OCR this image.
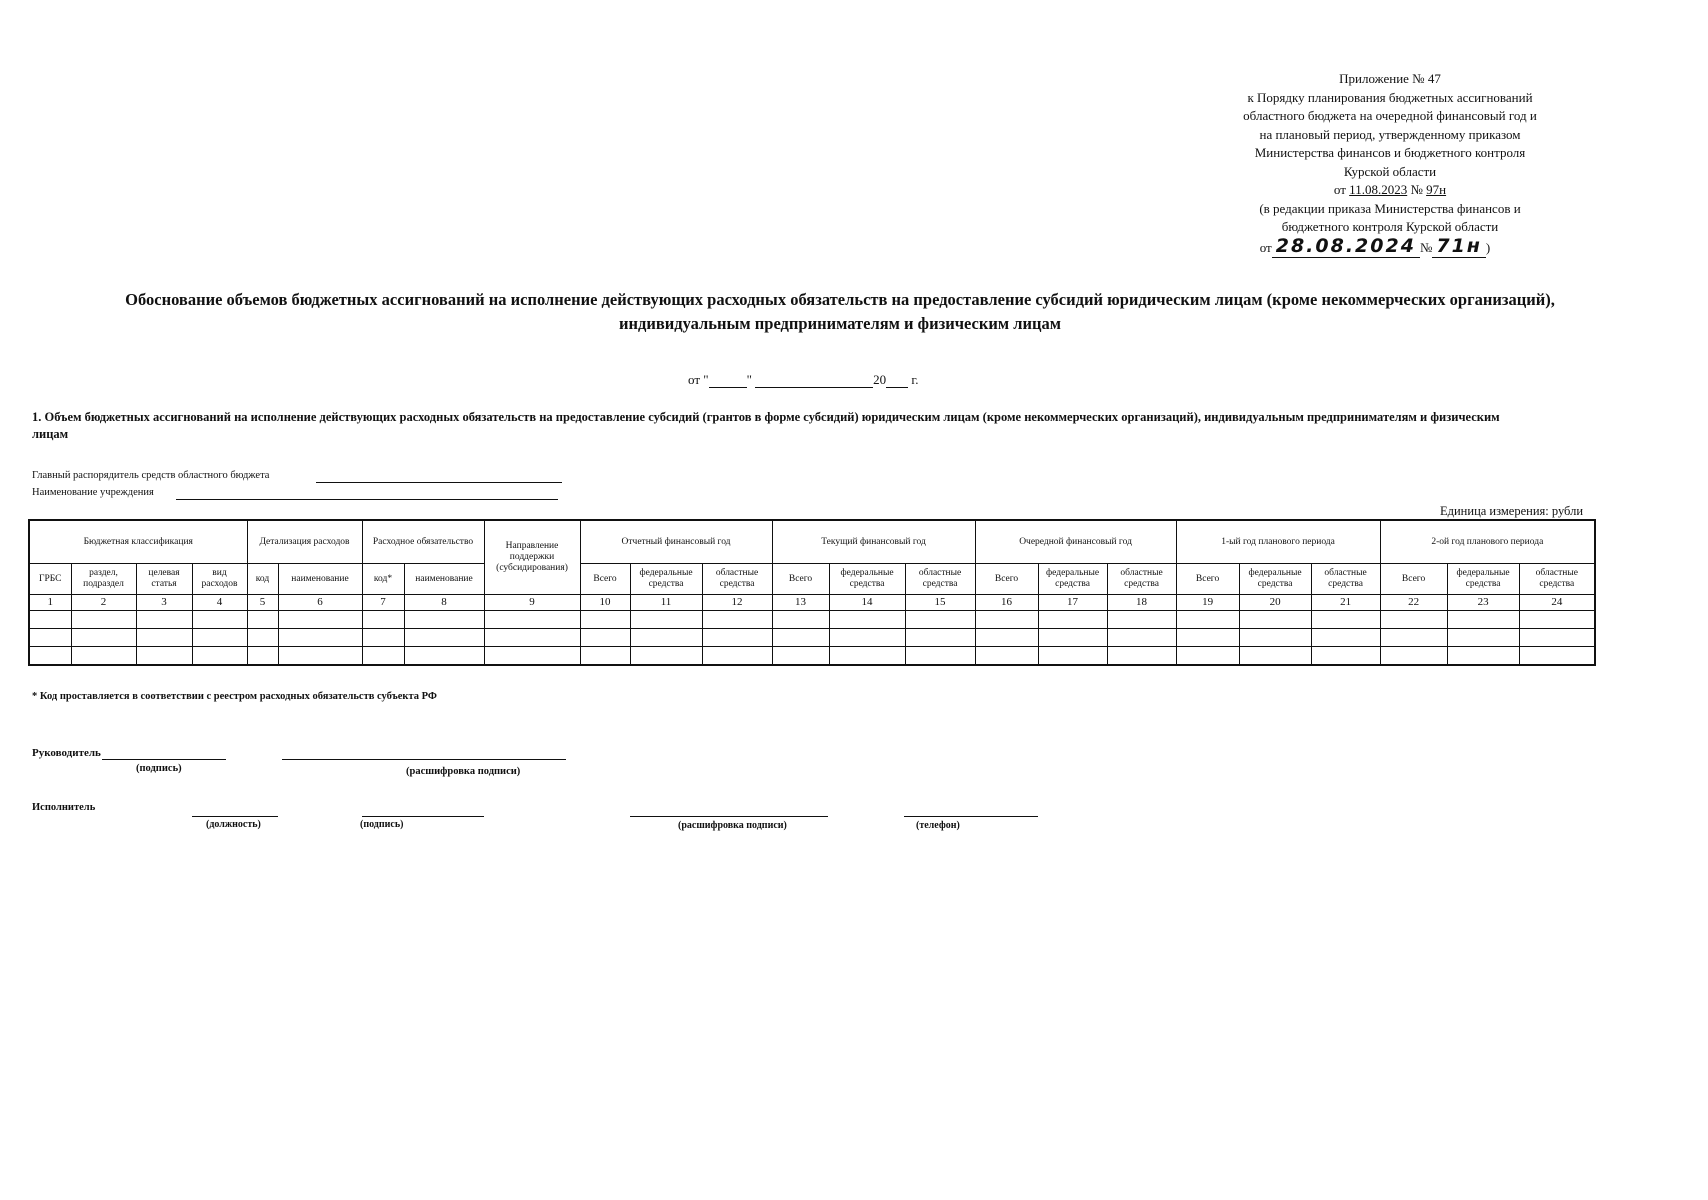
Приложение № 47
к Порядку планирования бюджетных ассигнований
областного бюджета на очередной финансовый год и
на плановый период, утвержденному приказом
Министерства финансов и бюджетного контроля
Курской области
от 11.08.2023 № 97н
(в редакции приказа Министерства финансов и
бюджетного контроля Курской области
от 28.08.2024 № 71н )
Обоснование объемов бюджетных ассигнований на исполнение действующих расходных обязательств на предоставление субсидий юридическим лицам (кроме некоммерческих организаций), индивидуальным предпринимателям и физическим лицам
от "	"	20 г.
1. Объем бюджетных ассигнований на исполнение действующих расходных обязательств на предоставление субсидий (грантов в форме субсидий) юридическим лицам (кроме некоммерческих организаций), индивидуальным предпринимателям и физическим лицам
Главный распорядитель средств областного бюджета
Наименование учреждения
Единица измерения: рубли
Бюджетная классификация				Детализация расходов		Расходное обязательство		Направление поддержки (субсидирования)	Отчетный финансовый год			Текущий финансовый год			Очередной финансовый год			1-ый год планового периода			2-ой год планового периода		
ГРБС	раздел, подраздел	целевая статья	вид расходов	код	наименование	код*	наименование		Всего	федеральные средства	областные средства	Всего	федеральные средства	областные средства	Всего	федеральные средства	областные средства	Всего	федеральные средства	областные средства	Всего	федеральные средства	областные средства
1	2	3	4	5	6	7	8	9	10	11	12	13	14	15	16	17	18	19	20	21	22	23	24

* Код проставляется в соответствии с реестром расходных обязательств субъекта РФ
Руководитель
(подпись)	(расшифровка подписи)
Исполнитель
(должность)	(подпись)	(расшифровка подписи)	(телефон)
